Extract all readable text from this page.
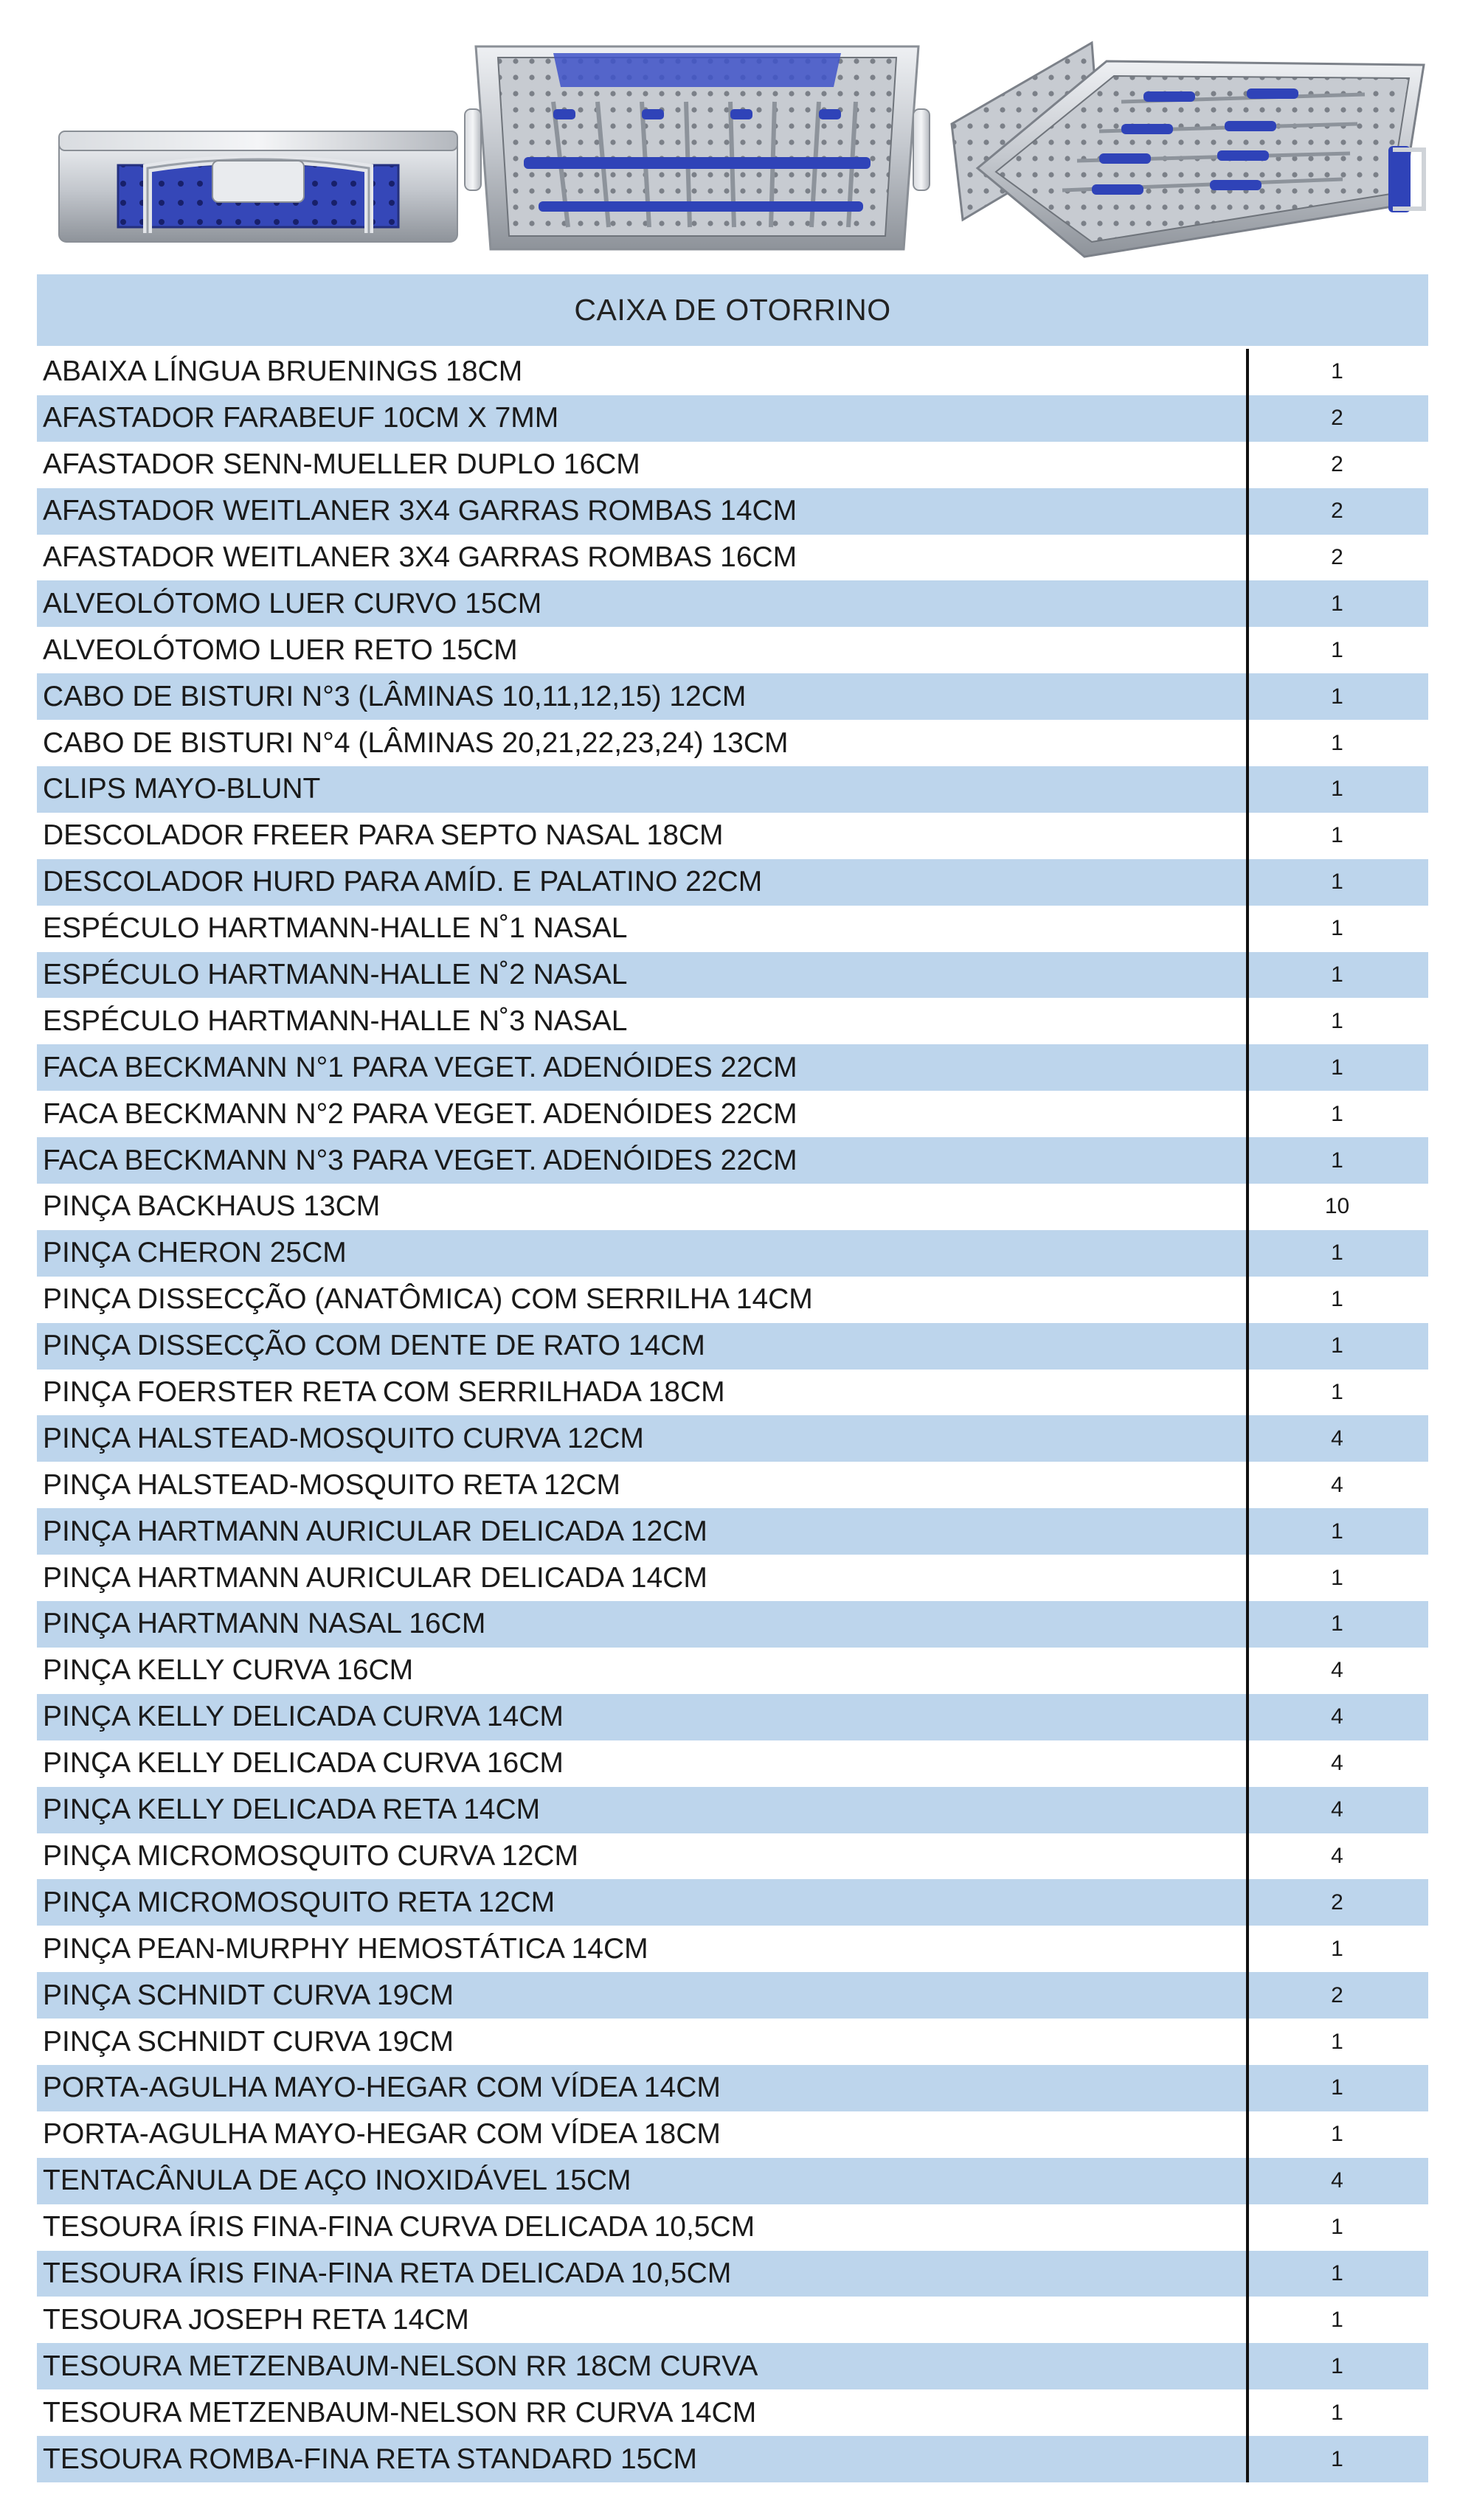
CAIXA DE OTORRINO
ABAIXA LÍNGUA BRUENINGS 18CM	1
AFASTADOR FARABEUF 10CM X 7MM	2
AFASTADOR SENN-MUELLER DUPLO 16CM	2
AFASTADOR WEITLANER 3X4 GARRAS ROMBAS 14CM	2
AFASTADOR WEITLANER 3X4 GARRAS ROMBAS 16CM	2
ALVEOLÓTOMO LUER CURVO 15CM	1
ALVEOLÓTOMO LUER RETO 15CM	1
CABO DE BISTURI N°3 (LÂMINAS 10,11,12,15) 12CM	1
CABO DE BISTURI N°4 (LÂMINAS 20,21,22,23,24) 13CM	1
CLIPS MAYO-BLUNT	1
DESCOLADOR FREER PARA SEPTO NASAL 18CM	1
DESCOLADOR HURD PARA AMÍD. E PALATINO 22CM	1
ESPÉCULO HARTMANN-HALLE N˚1 NASAL	1
ESPÉCULO HARTMANN-HALLE N˚2 NASAL	1
ESPÉCULO HARTMANN-HALLE N˚3 NASAL	1
FACA BECKMANN N°1 PARA VEGET. ADENÓIDES 22CM	1
FACA BECKMANN N°2 PARA VEGET. ADENÓIDES 22CM	1
FACA BECKMANN N°3 PARA VEGET. ADENÓIDES 22CM	1
PINÇA BACKHAUS 13CM	10
PINÇA CHERON 25CM	1
PINÇA DISSECÇÃO (ANATÔMICA) COM SERRILHA 14CM	1
PINÇA DISSECÇÃO COM DENTE DE RATO 14CM	1
PINÇA FOERSTER RETA COM SERRILHADA 18CM	1
PINÇA HALSTEAD-MOSQUITO CURVA 12CM	4
PINÇA HALSTEAD-MOSQUITO RETA 12CM	4
PINÇA HARTMANN AURICULAR DELICADA 12CM	1
PINÇA HARTMANN AURICULAR DELICADA 14CM	1
PINÇA HARTMANN NASAL 16CM	1
PINÇA KELLY CURVA 16CM	4
PINÇA KELLY DELICADA CURVA 14CM	4
PINÇA KELLY DELICADA CURVA 16CM	4
PINÇA KELLY DELICADA RETA 14CM	4
PINÇA MICROMOSQUITO CURVA 12CM	4
PINÇA MICROMOSQUITO RETA 12CM	2
PINÇA PEAN-MURPHY HEMOSTÁTICA 14CM	1
PINÇA SCHNIDT CURVA 19CM	2
PINÇA SCHNIDT CURVA 19CM	1
PORTA-AGULHA MAYO-HEGAR COM VÍDEA 14CM	1
PORTA-AGULHA MAYO-HEGAR COM VÍDEA 18CM	1
TENTACÂNULA DE AÇO INOXIDÁVEL 15CM	4
TESOURA ÍRIS FINA-FINA CURVA DELICADA 10,5CM	1
TESOURA ÍRIS FINA-FINA RETA DELICADA 10,5CM	1
TESOURA JOSEPH RETA 14CM	1
TESOURA METZENBAUM-NELSON RR 18CM CURVA	1
TESOURA METZENBAUM-NELSON RR CURVA 14CM	1
TESOURA ROMBA-FINA RETA STANDARD 15CM	1
